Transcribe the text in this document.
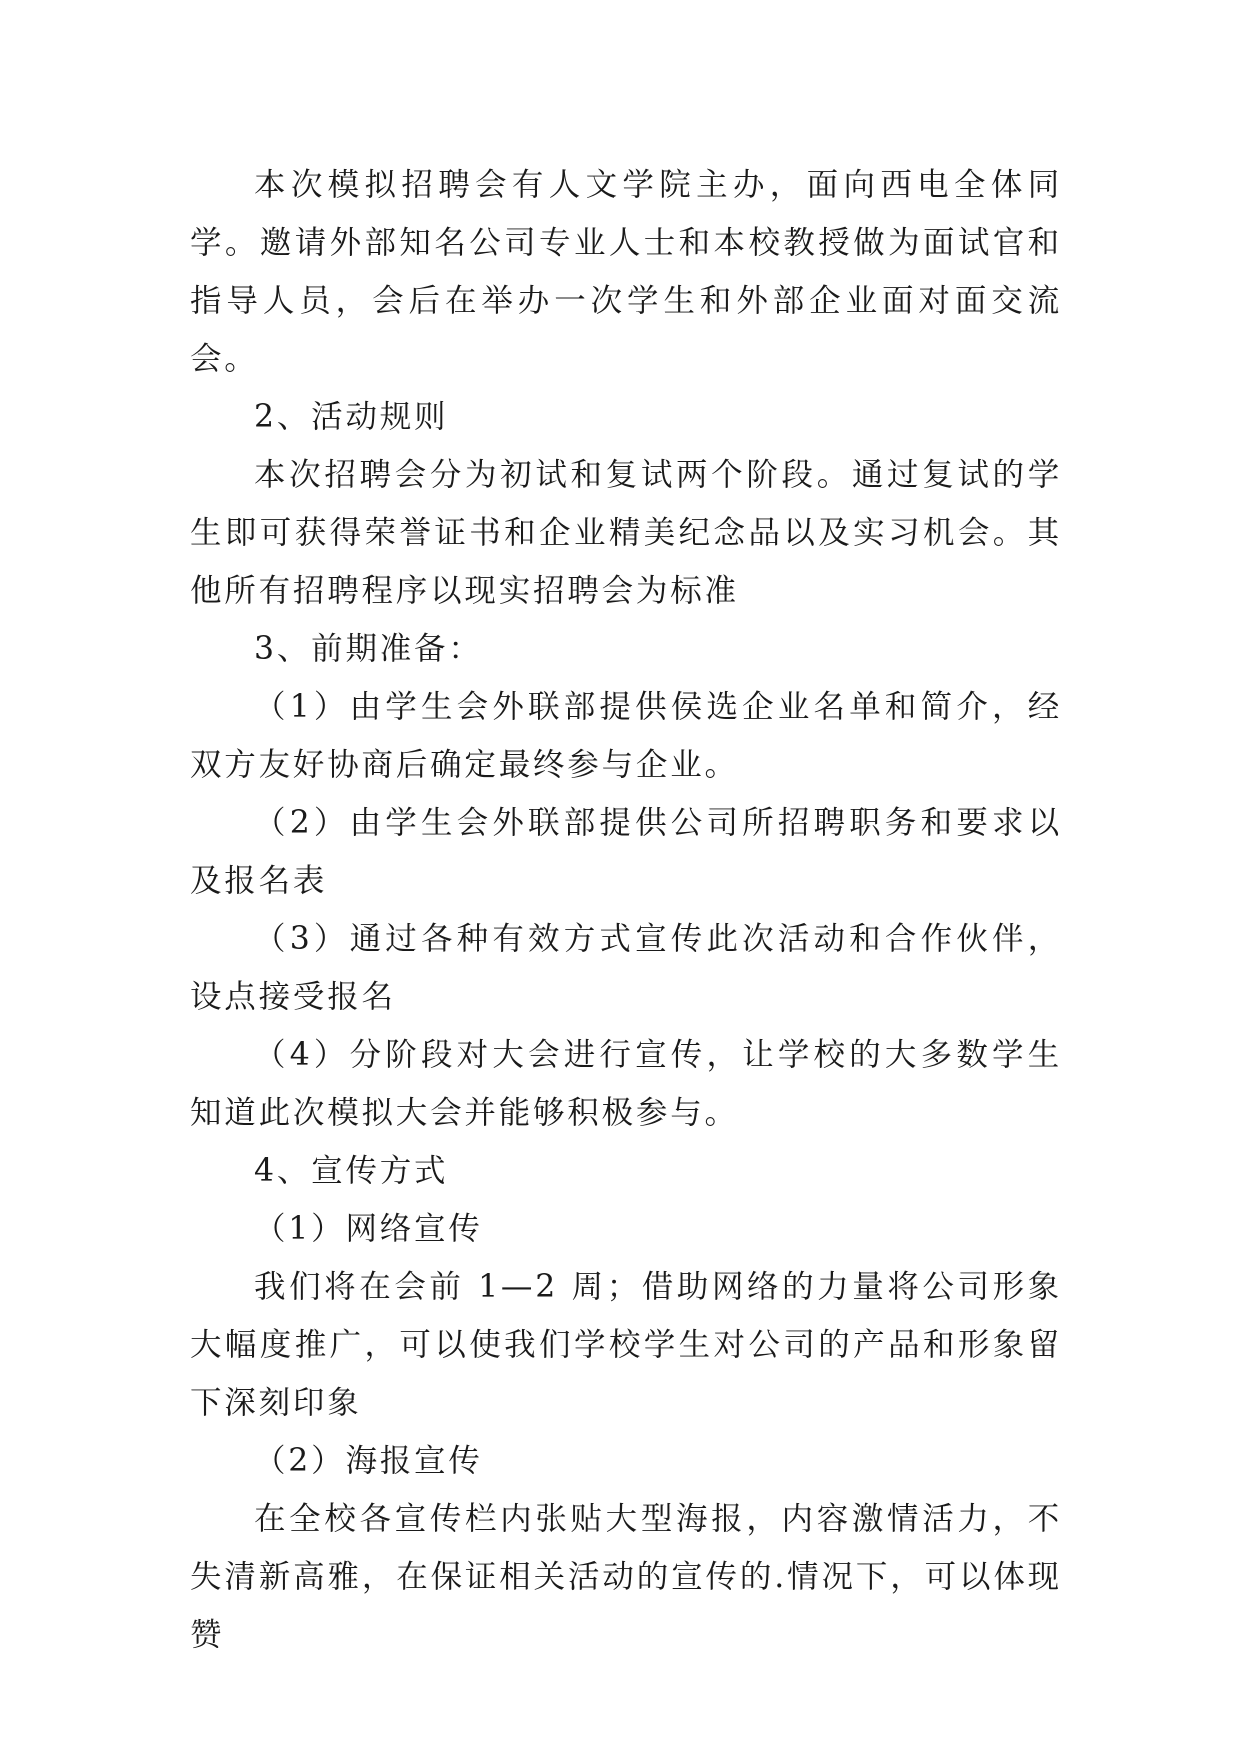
本次模拟招聘会有人文学院主办，面向西电全体同学。邀请外部知名公司专业人士和本校教授做为面试官和指导人员，会后在举办一次学生和外部企业面对面交流会。

2、活动规则

本次招聘会分为初试和复试两个阶段。通过复试的学生即可获得荣誉证书和企业精美纪念品以及实习机会。其他所有招聘程序以现实招聘会为标准

3、前期准备：

（1）由学生会外联部提供侯选企业名单和简介，经双方友好协商后确定最终参与企业。

（2）由学生会外联部提供公司所招聘职务和要求以及报名表

（3）通过各种有效方式宣传此次活动和合作伙伴，设点接受报名

（4）分阶段对大会进行宣传，让学校的大多数学生知道此次模拟大会并能够积极参与。

4、宣传方式

（1）网络宣传

我们将在会前 1—2 周；借助网络的力量将公司形象大幅度推广，可以使我们学校学生对公司的产品和形象留下深刻印象

（2）海报宣传

在全校各宣传栏内张贴大型海报，内容激情活力，不失清新高雅，在保证相关活动的宣传的.情况下，可以体现赞
